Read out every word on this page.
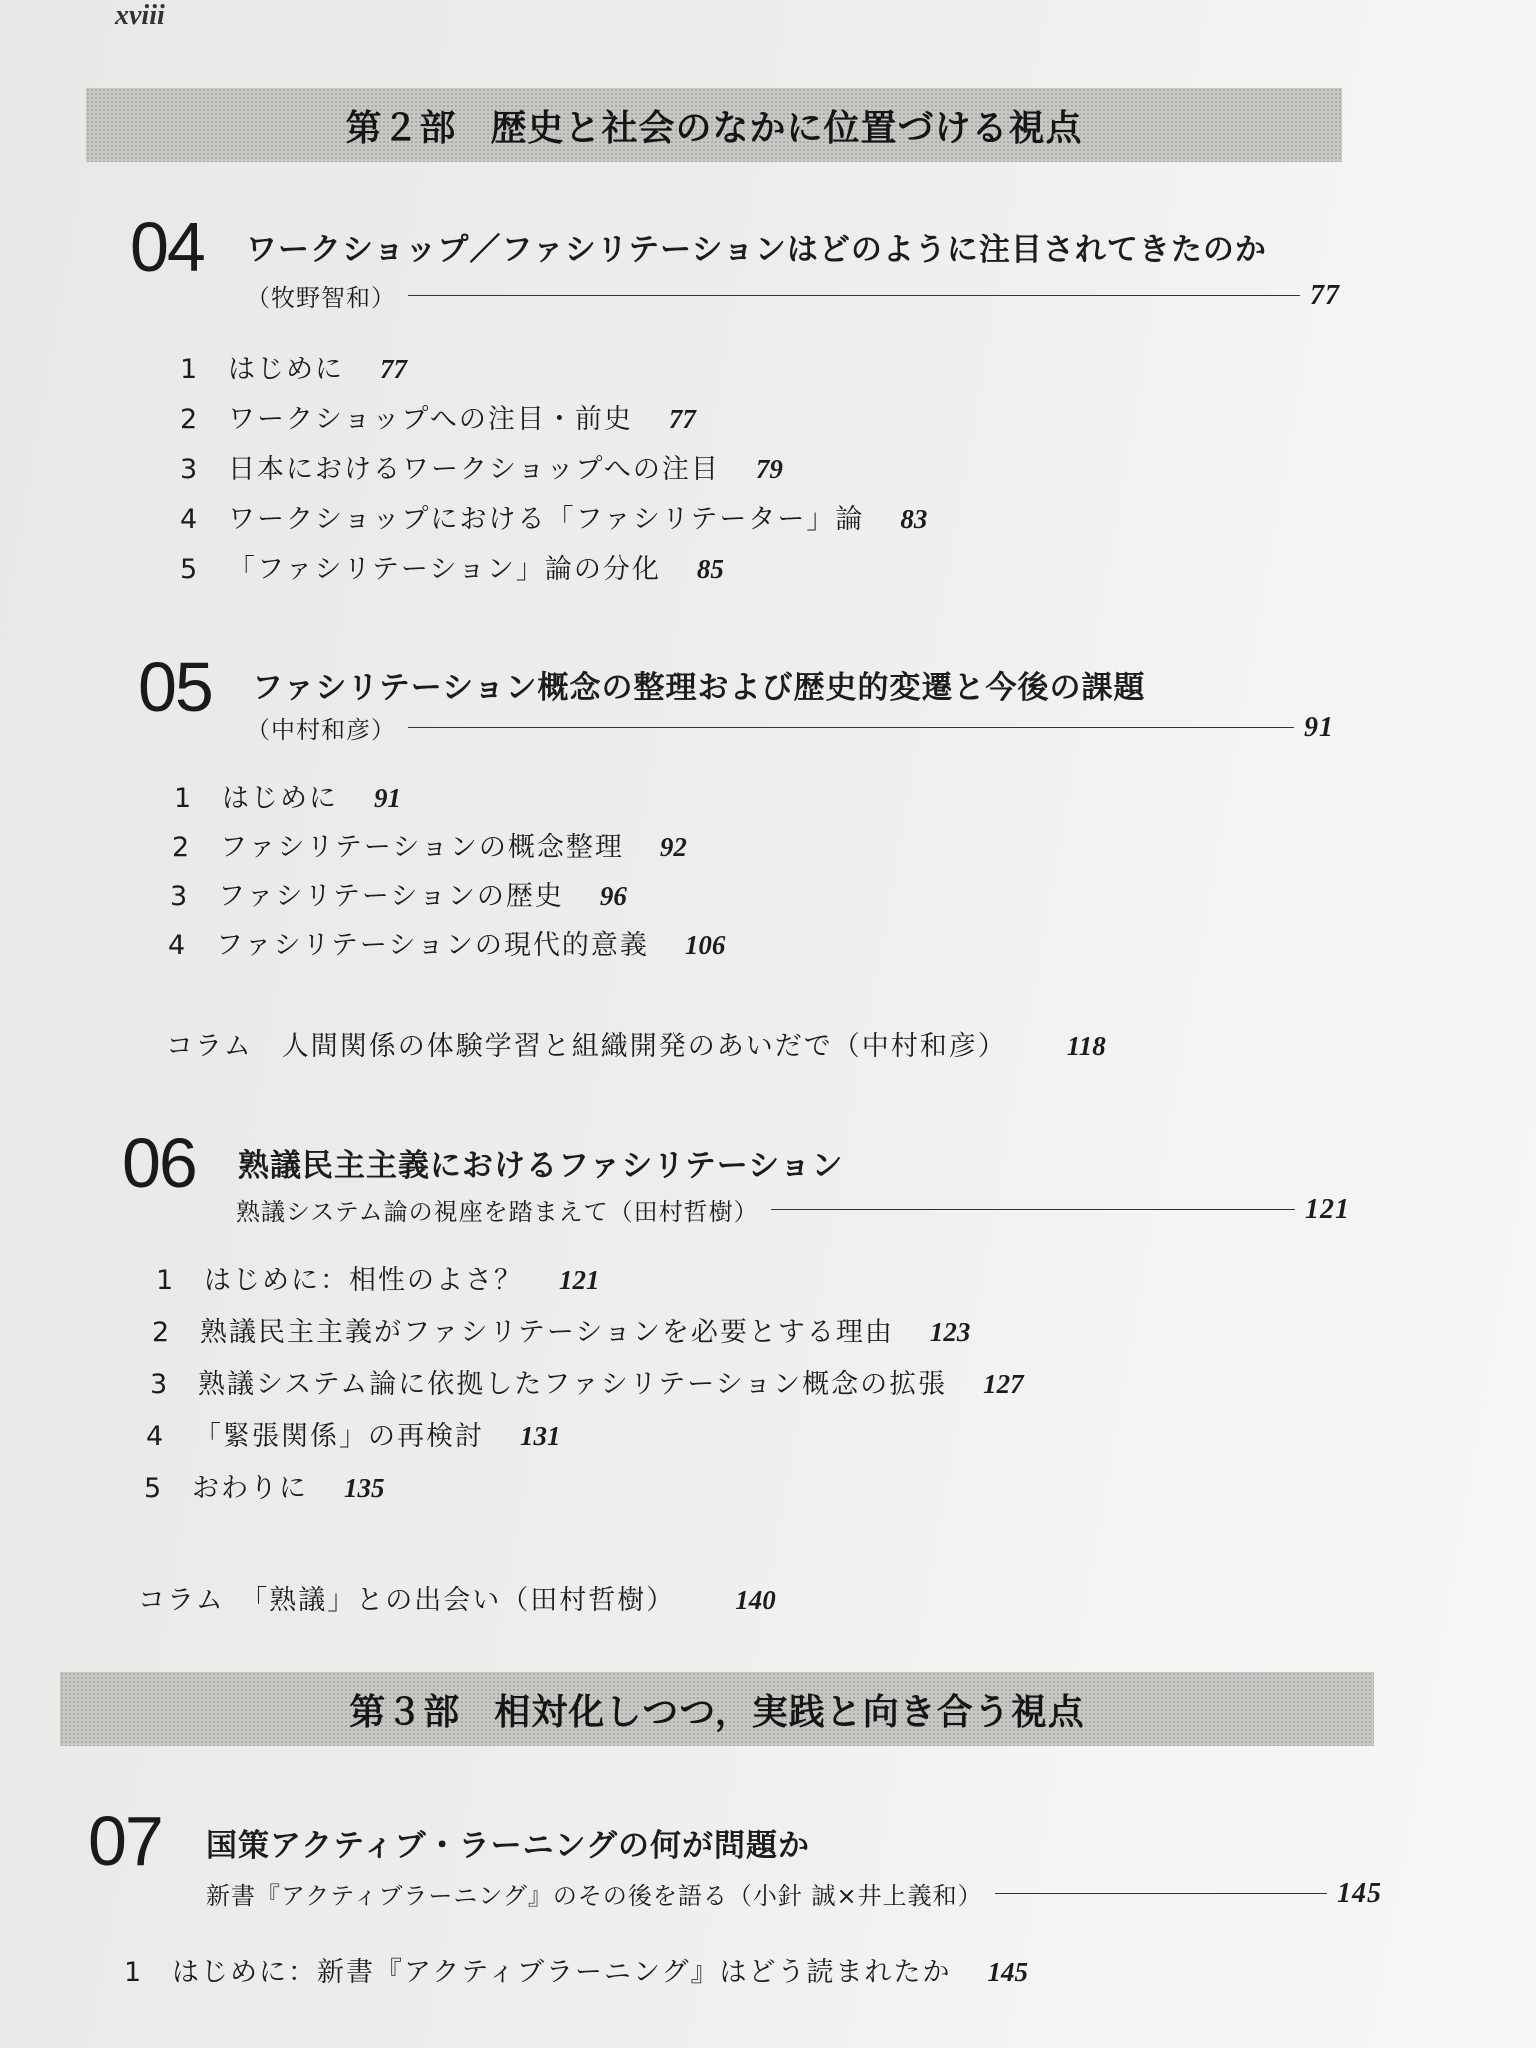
xviii
第２部 歴史と社会のなかに位置づける視点
04 ワークショップ／ファシリテーションはどのように注目されてきたのか
（牧野智和）	77
1 はじめに 77
2 ワークショップへの注目・前史 77
3 日本におけるワークショップへの注目 79
4 ワークショップにおける「ファシリテーター」論 83
5 「ファシリテーション」論の分化 85
05 ファシリテーション概念の整理および歴史的変遷と今後の課題
（中村和彦）	91
1 はじめに 91
2 ファシリテーションの概念整理 92
3 ファシリテーションの歴史 96
4 ファシリテーションの現代的意義 106
コラム　人間関係の体験学習と組織開発のあいだで（中村和彦） 118
06 熟議民主主義におけるファシリテーション
熟議システム論の視座を踏まえて（田村哲樹）	121
1 はじめに：相性のよさ？ 121
2 熟議民主主義がファシリテーションを必要とする理由 123
3 熟議システム論に依拠したファシリテーション概念の拡張 127
4 「緊張関係」の再検討 131
5 おわりに 135
コラム　「熟議」との出会い（田村哲樹） 140
第３部 相対化しつつ，実践と向き合う視点
07 国策アクティブ・ラーニングの何が問題か
新書『アクティブラーニング』のその後を語る（小針 誠×井上義和）	145
1 はじめに：新書『アクティブラーニング』はどう読まれたか 145
